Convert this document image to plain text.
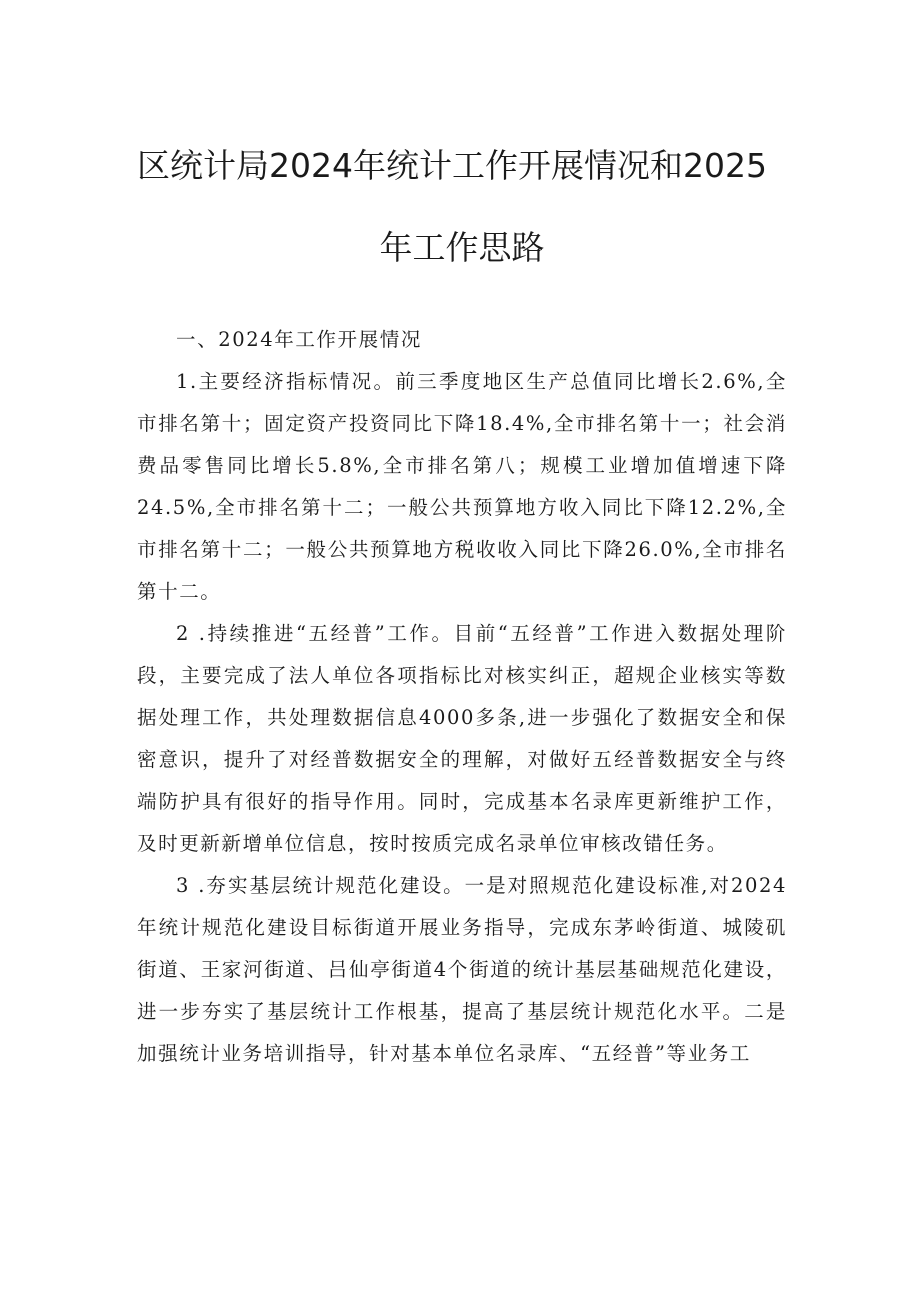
区统计局2024年统计工作开展情况和2025
年工作思路

一、2024年工作开展情况

1.主要经济指标情况。前三季度地区生产总值同比增长2.6%,全市排名第十；固定资产投资同比下降18.4%,全市排名第十一；社会消费品零售同比增长5.8%,全市排名第八；规模工业增加值增速下降24.5%,全市排名第十二；一般公共预算地方收入同比下降12.2%,全市排名第十二；一般公共预算地方税收收入同比下降26.0%,全市排名第十二。

2 .持续推进“五经普”工作。目前“五经普”工作进入数据处理阶段，主要完成了法人单位各项指标比对核实纠正，超规企业核实等数据处理工作，共处理数据信息4000多条,进一步强化了数据安全和保密意识，提升了对经普数据安全的理解，对做好五经普数据安全与终端防护具有很好的指导作用。同时，完成基本名录库更新维护工作，及时更新新增单位信息，按时按质完成名录单位审核改错任务。

3 .夯实基层统计规范化建设。一是对照规范化建设标准,对2024年统计规范化建设目标街道开展业务指导，完成东茅岭街道、城陵矶街道、王家河街道、吕仙亭街道4个街道的统计基层基础规范化建设，进一步夯实了基层统计工作根基，提高了基层统计规范化水平。二是加强统计业务培训指导，针对基本单位名录库、“五经普”等业务工
